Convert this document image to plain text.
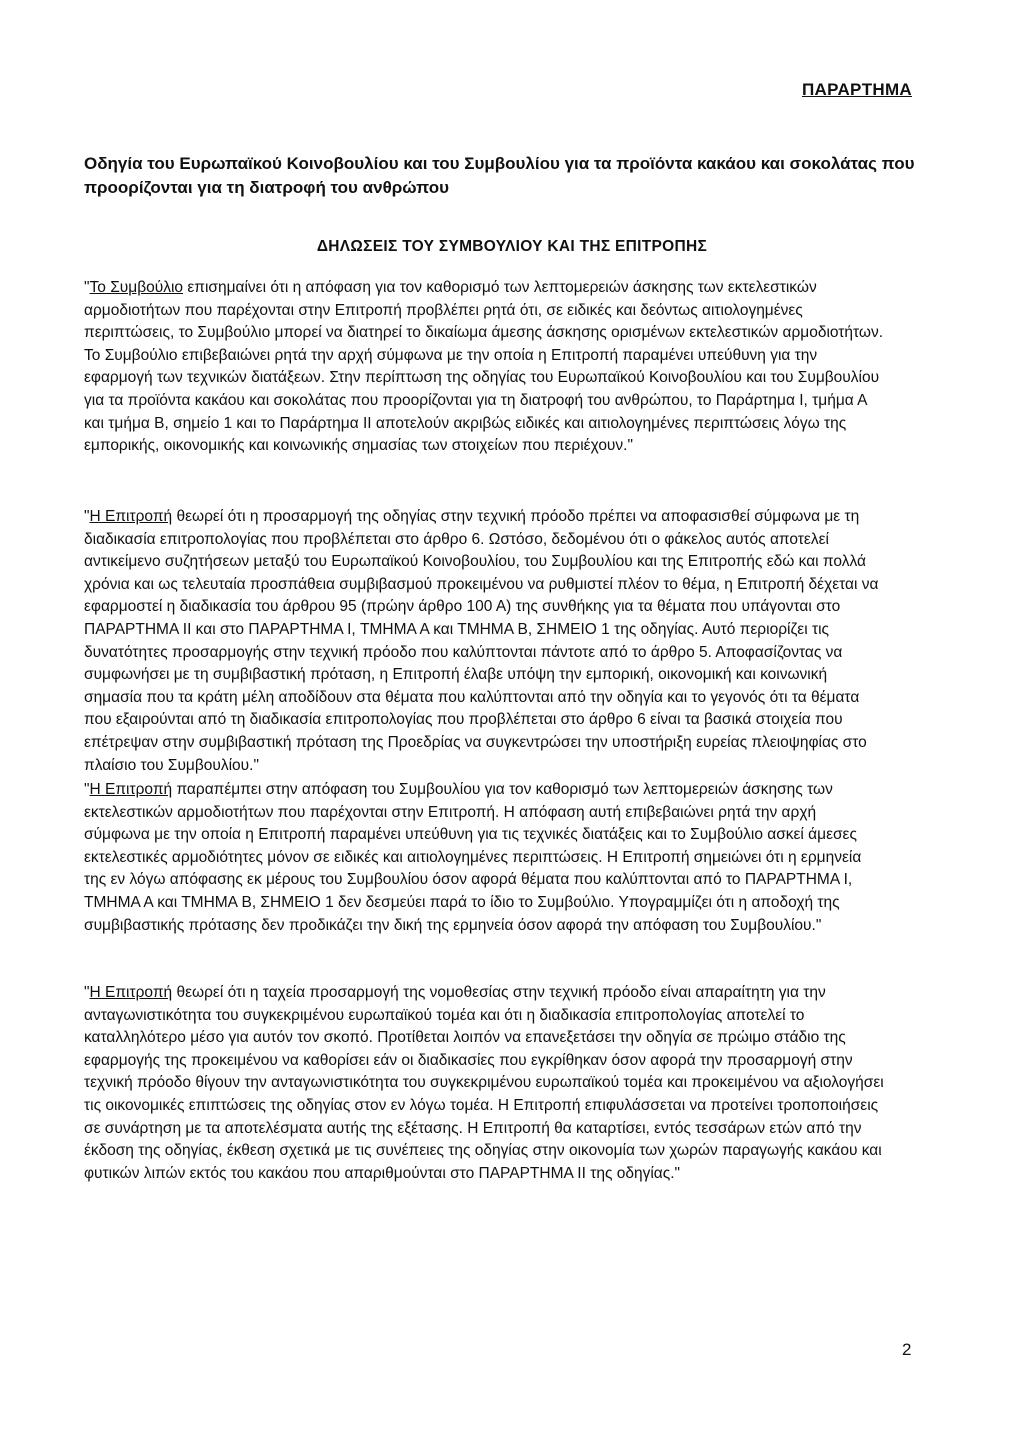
ΠΑΡΑΡΤΗΜΑ
Οδηγία του Ευρωπαϊκού Κοινοβουλίου και του Συμβουλίου για τα προϊόντα κακάου και σοκολάτας που προορίζονται για τη διατροφή του ανθρώπου
ΔΗΛΩΣΕΙΣ ΤΟΥ ΣΥΜΒΟΥΛΙΟΥ ΚΑΙ ΤΗΣ ΕΠΙΤΡΟΠΗΣ

"Το Συμβούλιο επισημαίνει ότι η απόφαση για τον καθορισμό των λεπτομερειών άσκησης των εκτελεστικών αρμοδιοτήτων που παρέχονται στην Επιτροπή προβλέπει ρητά ότι, σε ειδικές και δεόντως αιτιολογημένες περιπτώσεις, το Συμβούλιο μπορεί να διατηρεί το δικαίωμα άμεσης άσκησης ορισμένων εκτελεστικών αρμοδιοτήτων. Το Συμβούλιο επιβεβαιώνει ρητά την αρχή σύμφωνα με την οποία η Επιτροπή παραμένει υπεύθυνη για την εφαρμογή των τεχνικών διατάξεων. Στην περίπτωση της οδηγίας του Ευρωπαϊκού Κοινοβουλίου και του Συμβουλίου για τα προϊόντα κακάου και σοκολάτας που προορίζονται για τη διατροφή του ανθρώπου, το Παράρτημα I, τμήμα Α και τμήμα Β, σημείο 1 και το Παράρτημα II αποτελούν ακριβώς ειδικές και αιτιολογημένες περιπτώσεις λόγω της εμπορικής, οικονομικής και κοινωνικής σημασίας των στοιχείων που περιέχουν."

"Η Επιτροπή θεωρεί ότι η προσαρμογή της οδηγίας στην τεχνική πρόοδο πρέπει να αποφασισθεί σύμφωνα με τη διαδικασία επιτροπολογίας που προβλέπεται στο άρθρο 6. Ωστόσο, δεδομένου ότι ο φάκελος αυτός αποτελεί αντικείμενο συζητήσεων μεταξύ του Ευρωπαϊκού Κοινοβουλίου, του Συμβουλίου και της Επιτροπής εδώ και πολλά χρόνια και ως τελευταία προσπάθεια συμβιβασμού προκειμένου να ρυθμιστεί πλέον το θέμα, η Επιτροπή δέχεται να εφαρμοστεί η διαδικασία του άρθρου 95 (πρώην άρθρο 100 Α) της συνθήκης για τα θέματα που υπάγονται στο ΠΑΡΑΡΤΗΜΑ II και στο ΠΑΡΑΡΤΗΜΑ I, ΤΜΗΜΑ Α και ΤΜΗΜΑ Β, ΣΗΜΕΙΟ 1 της οδηγίας. Αυτό περιορίζει τις δυνατότητες προσαρμογής στην τεχνική πρόοδο που καλύπτονται πάντοτε από το άρθρο 5. Αποφασίζοντας να συμφωνήσει με τη συμβιβαστική πρόταση, η Επιτροπή έλαβε υπόψη την εμπορική, οικονομική και κοινωνική σημασία που τα κράτη μέλη αποδίδουν στα θέματα που καλύπτονται από την οδηγία και το γεγονός ότι τα θέματα που εξαιρούνται από τη διαδικασία επιτροπολογίας που προβλέπεται στο άρθρο 6 είναι τα βασικά στοιχεία που επέτρεψαν στην συμβιβαστική πρόταση της Προεδρίας να συγκεντρώσει την υποστήριξη ευρείας πλειοψηφίας στο πλαίσιο του Συμβουλίου."

"Η Επιτροπή παραπέμπει στην απόφαση του Συμβουλίου για τον καθορισμό των λεπτομερειών άσκησης των εκτελεστικών αρμοδιοτήτων που παρέχονται στην Επιτροπή. Η απόφαση αυτή επιβεβαιώνει ρητά την αρχή σύμφωνα με την οποία η Επιτροπή παραμένει υπεύθυνη για τις τεχνικές διατάξεις και το Συμβούλιο ασκεί άμεσες εκτελεστικές αρμοδιότητες μόνον σε ειδικές και αιτιολογημένες περιπτώσεις. Η Επιτροπή σημειώνει ότι η ερμηνεία της εν λόγω απόφασης εκ μέρους του Συμβουλίου όσον αφορά θέματα που καλύπτονται από το ΠΑΡΑΡΤΗΜΑ I, ΤΜΗΜΑ Α και ΤΜΗΜΑ Β, ΣΗΜΕΙΟ 1 δεν δεσμεύει παρά το ίδιο το Συμβούλιο. Υπογραμμίζει ότι η αποδοχή της συμβιβαστικής πρότασης δεν προδικάζει την δική της ερμηνεία όσον αφορά την απόφαση του Συμβουλίου."

"Η Επιτροπή θεωρεί ότι η ταχεία προσαρμογή της νομοθεσίας στην τεχνική πρόοδο είναι απαραίτητη για την ανταγωνιστικότητα του συγκεκριμένου ευρωπαϊκού τομέα και ότι η διαδικασία επιτροπολογίας αποτελεί το καταλληλότερο μέσο για αυτόν τον σκοπό. Προτίθεται λοιπόν να επανεξετάσει την οδηγία σε πρώιμο στάδιο της εφαρμογής της προκειμένου να καθορίσει εάν οι διαδικασίες που εγκρίθηκαν όσον αφορά την προσαρμογή στην τεχνική πρόοδο θίγουν την ανταγωνιστικότητα του συγκεκριμένου ευρωπαϊκού τομέα και προκειμένου να αξιολογήσει τις οικονομικές επιπτώσεις της οδηγίας στον εν λόγω τομέα. Η Επιτροπή επιφυλάσσεται να προτείνει τροποποιήσεις σε συνάρτηση με τα αποτελέσματα αυτής της εξέτασης. Η Επιτροπή θα καταρτίσει, εντός τεσσάρων ετών από την έκδοση της οδηγίας, έκθεση σχετικά με τις συνέπειες της οδηγίας στην οικονομία των χωρών παραγωγής κακάου και φυτικών λιπών εκτός του κακάου που απαριθμούνται στο ΠΑΡΑΡΤΗΜΑ II της οδηγίας."

2
